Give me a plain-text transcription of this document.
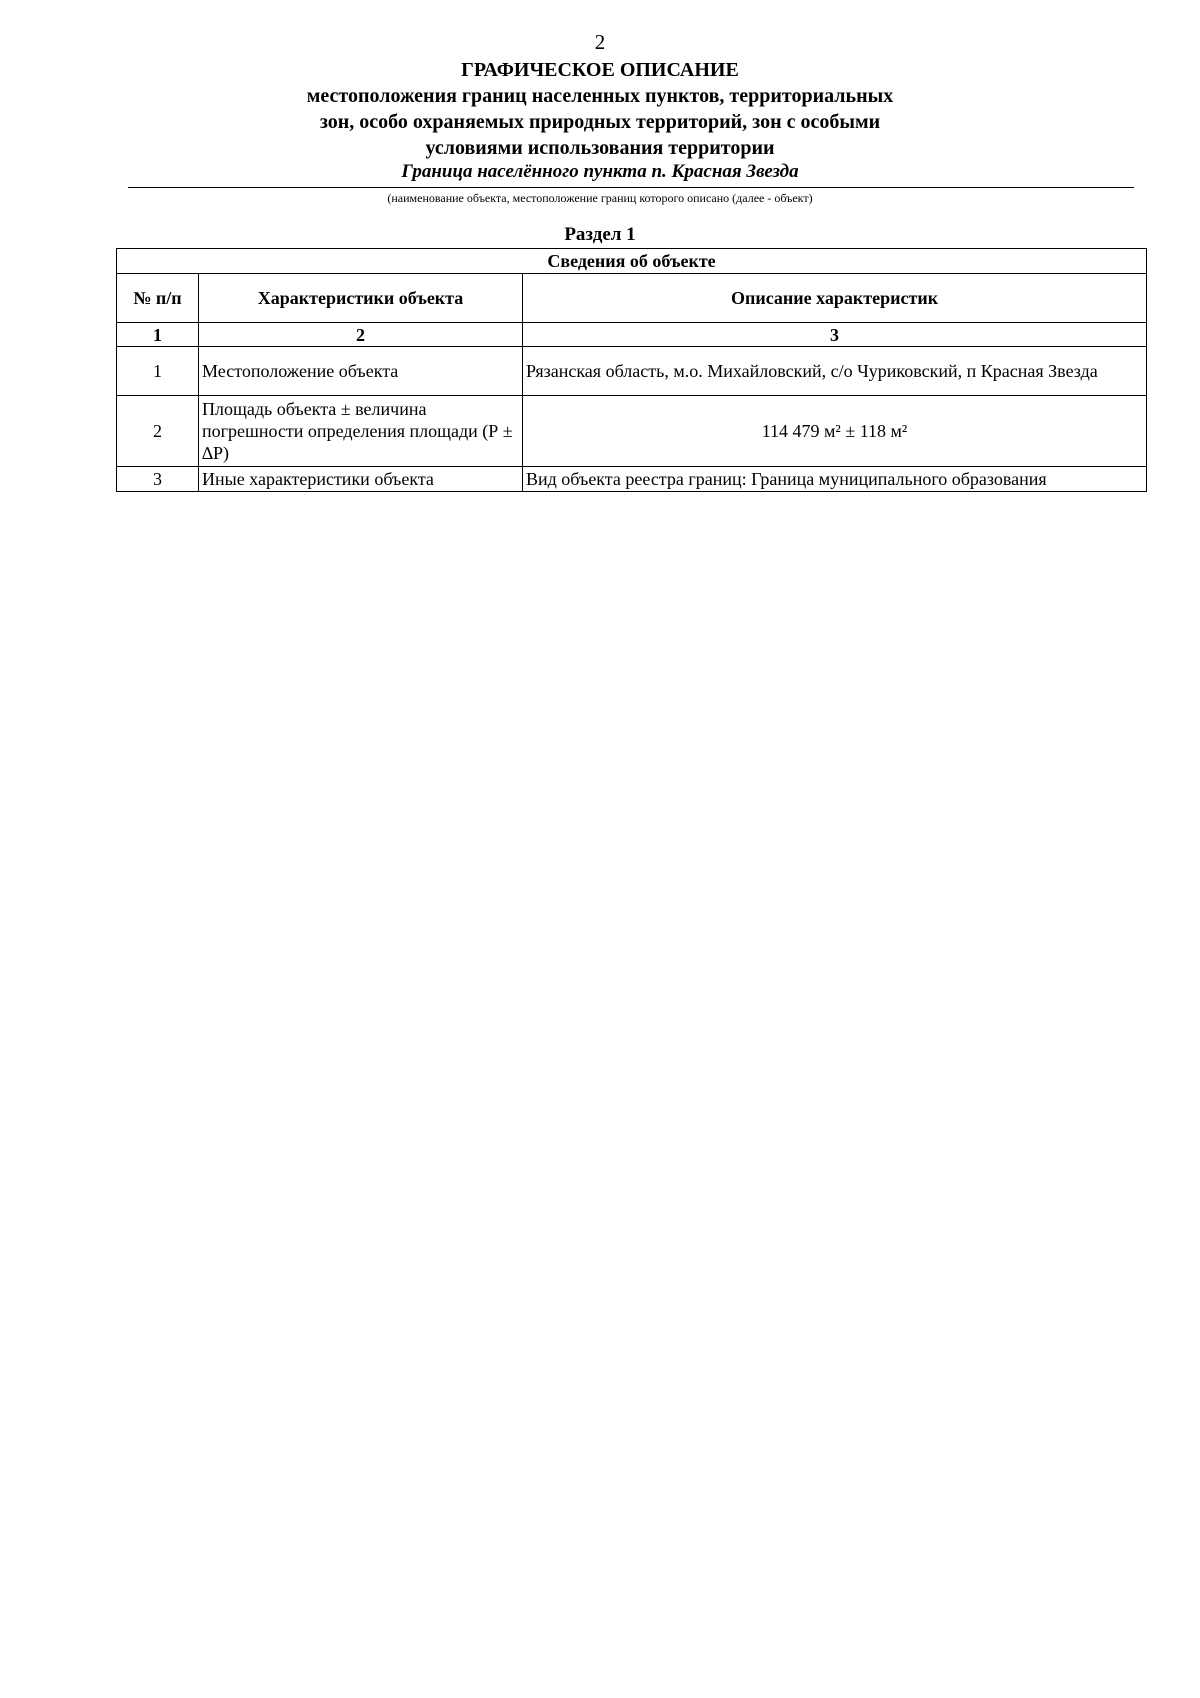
2
ГРАФИЧЕСКОЕ ОПИСАНИЕ
местоположения границ населенных пунктов, территориальных
зон, особо охраняемых природных территорий, зон с особыми
условиями использования территории
Граница населённого пункта п. Красная Звезда
(наименование объекта, местоположение границ которого описано (далее - объект)
Раздел 1
Сведения об объекте		
№ п/п	Характеристики объекта	Описание характеристик
1	2	3
1	Местоположение объекта	Рязанская область, м.о. Михайловский, с/о Чуриковский, п Красная Звезда
2	Площадь объекта ± величина погрешности определения площади (Р ± ∆Р)	114 479 м² ± 118 м²
3	Иные характеристики объекта	Вид объекта реестра границ: Граница муниципального образования
